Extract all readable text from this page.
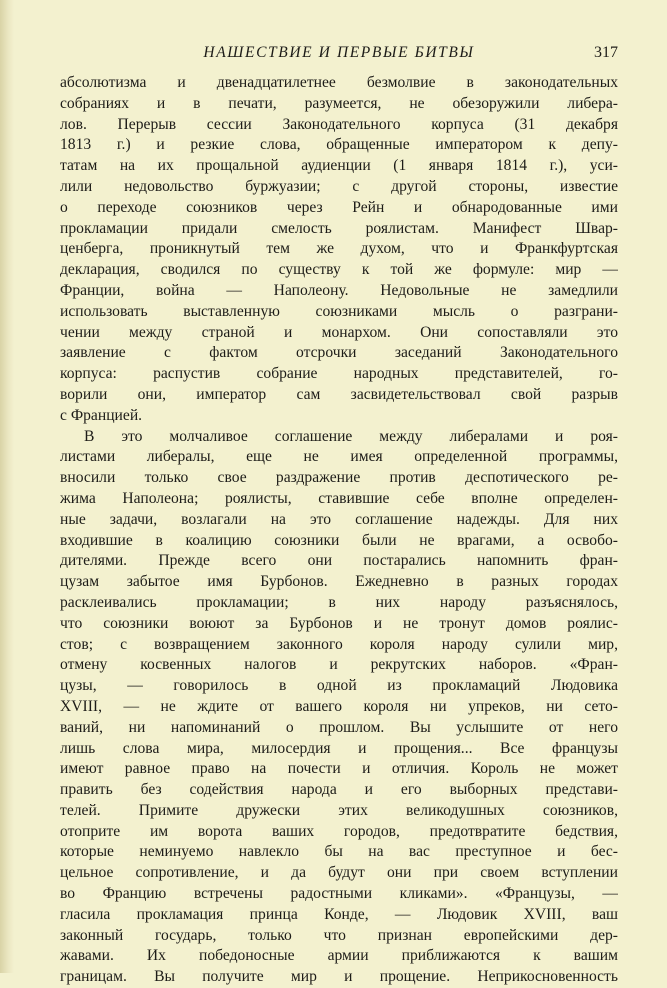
НАШЕСТВИЕ И ПЕРВЫЕ БИТВЫ	317
абсолютизма и двенадцатилетнее безмолвие в законодательных
собраниях и в печати, разумеется, не обезоружили либера-
лов. Перерыв сессии Законодательного корпуса (31 декабря
1813 г.) и резкие слова, обращенные императором к депу-
татам на их прощальной аудиенции (1 января 1814 г.), уси-
лили недовольство буржуазии; с другой стороны, известие
о переходе союзников через Рейн и обнародованные ими
прокламации придали смелость роялистам. Манифест Швар-
ценберга, проникнутый тем же духом, что и Франкфуртская
декларация, сводился по существу к той же формуле: мир —
Франции, война — Наполеону. Недовольные не замедлили
использовать выставленную союзниками мысль о разграни-
чении между страной и монархом. Они сопоставляли это
заявление с фактом отсрочки заседаний Законодательного
корпуса: распустив собрание народных представителей, го-
ворили они, император сам засвидетельствовал свой разрыв
с Францией.
В это молчаливое соглашение между либералами и роя-
листами либералы, еще не имея определенной программы,
вносили только свое раздражение против деспотического ре-
жима Наполеона; роялисты, ставившие себе вполне определен-
ные задачи, возлагали на это соглашение надежды. Для них
входившие в коалицию союзники были не врагами, а освобо-
дителями. Прежде всего они постарались напомнить фран-
цузам забытое имя Бурбонов. Ежедневно в разных городах
расклеивались прокламации; в них народу разъяснялось,
что союзники воюют за Бурбонов и не тронут домов роялис-
стов; с возвращением законного короля народу сулили мир,
отмену косвенных налогов и рекрутских наборов. «Фран-
цузы, — говорилось в одной из прокламаций Людовика
XVIII, — не ждите от вашего короля ни упреков, ни сето-
ваний, ни напоминаний о прошлом. Вы услышите от него
лишь слова мира, милосердия и прощения... Все французы
имеют равное право на почести и отличия. Король не может
править без содействия народа и его выборных представи-
телей. Примите дружески этих великодушных союзников,
отоприте им ворота ваших городов, предотвратите бедствия,
которые неминуемо навлекло бы на вас преступное и бес-
цельное сопротивление, и да будут они при своем вступлении
во Францию встречены радостными кликами». «Французы, —
гласила прокламация принца Конде, — Людовик XVIII, ваш
законный государь, только что признан европейскими дер-
жавами. Их победоносные армии приближаются к вашим
границам. Вы получите мир и прощение. Неприкосновенность
